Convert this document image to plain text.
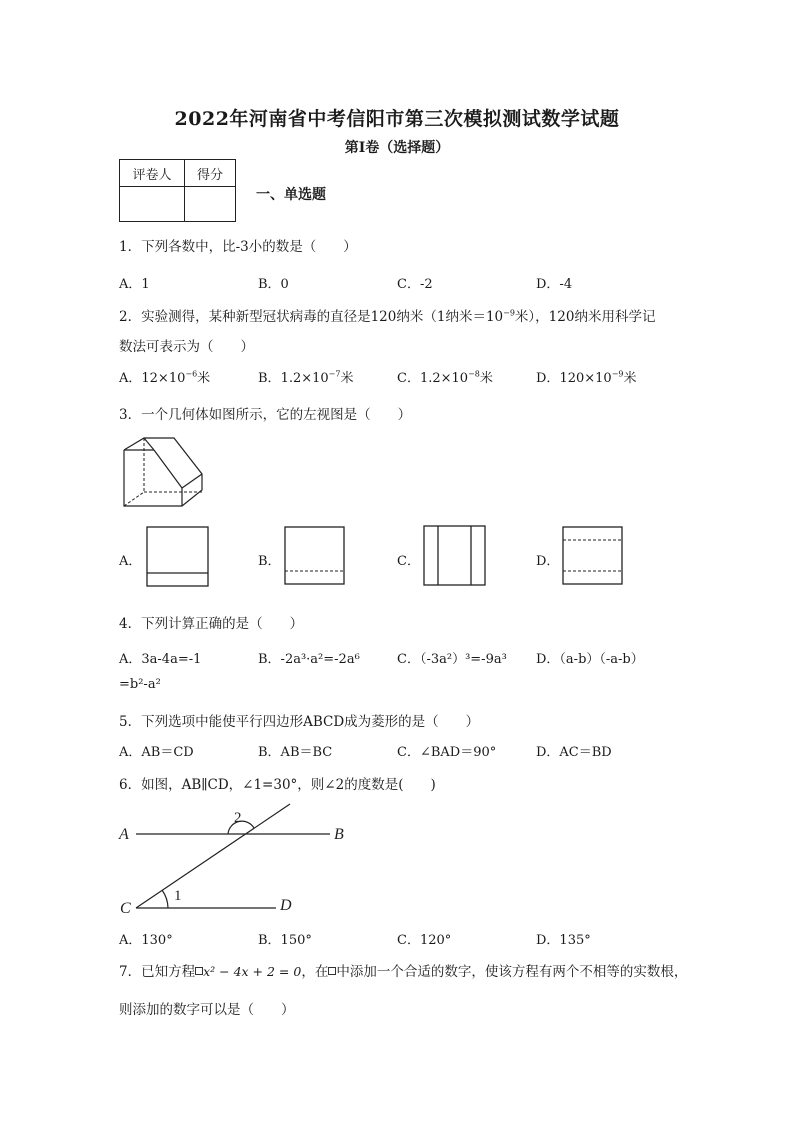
2022年河南省中考信阳市第三次模拟测试数学试题
第I卷（选择题）
评卷人	得分

一、单选题
1．下列各数中，比-3小的数是（　　）
A．1	B．0	C．-2	D．-4
2．实验测得，某种新型冠状病毒的直径是120纳米（1纳米$=10^{-9}$米），120纳米用科学记
数法可表示为（　　）
A．$12\times 10^{-6}$米	B．$1.2\times 10^{-7}$米	C．$1.2\times 10^{-8}$米	D．$120\times 10^{-9}$米
3．一个几何体如图所示，它的左视图是（　　）
A．	B．	C．	D．
4．下列计算正确的是（　　）
A．3a-4a=-1	B．-2a³·a²=-2a⁶	C．（-3a²）³=-9a³ D．（a-b）（-a-b）
=b²-a²
5．下列选项中能使平行四边形ABCD成为菱形的是（　　）
A．AB＝CD	B．AB＝BC	C．∠BAD＝90°	D．AC＝BD
6．如图，AB∥CD，∠1=30°，则∠2的度数是(　　)
A	B
C	D
1
2
A．130°	B．150°	C．120°	D．135°
7．已知方程 x² − 4x + 2 = 0，在 中添加一个合适的数字，使该方程有两个不相等的实数根，
则添加的数字可以是（　　）
